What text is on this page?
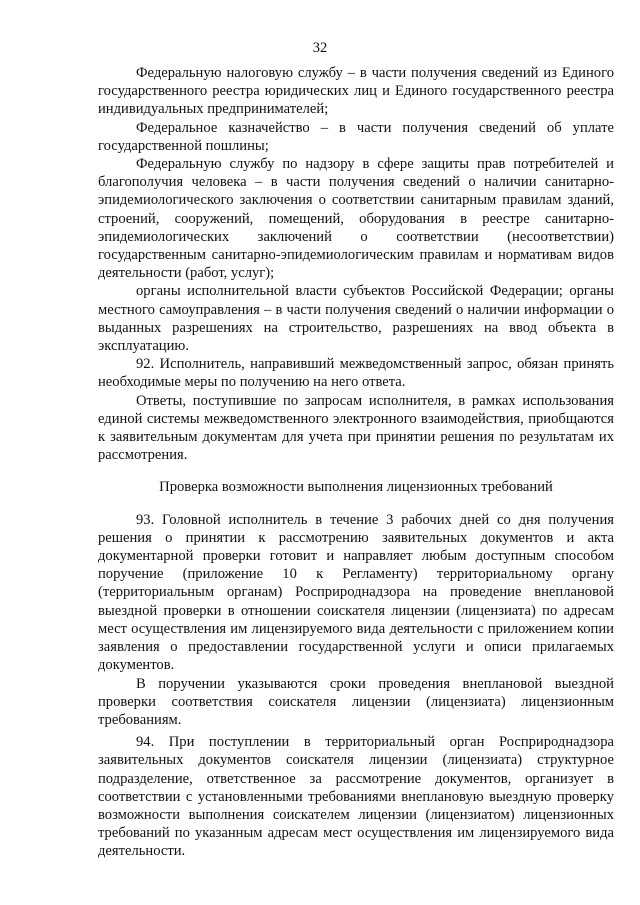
32

Федеральную налоговую службу – в части получения сведений из Единого государственного реестра юридических лиц и Единого государственного реестра индивидуальных предпринимателей;

Федеральное казначейство – в части получения сведений об уплате государственной пошлины;

Федеральную службу по надзору в сфере защиты прав потребителей и благополучия человека – в части получения сведений о наличии санитарно-эпидемиологического заключения о соответствии санитарным правилам зданий, строений, сооружений, помещений, оборудования в реестре санитарно-эпидемиологических заключений о соответствии (несоответствии) государственным санитарно-эпидемиологическим правилам и нормативам видов деятельности (работ, услуг);

органы исполнительной власти субъектов Российской Федерации; органы местного самоуправления – в части получения сведений о наличии информации о выданных разрешениях на строительство, разрешениях на ввод объекта в эксплуатацию.

92. Исполнитель, направивший межведомственный запрос, обязан принять необходимые меры по получению на него ответа.

Ответы, поступившие по запросам исполнителя, в рамках использования единой системы межведомственного электронного взаимодействия, приобщаются к заявительным документам для учета при принятии решения по результатам их рассмотрения.

Проверка возможности выполнения лицензионных требований

93. Головной исполнитель в течение 3 рабочих дней со дня получения решения о принятии к рассмотрению заявительных документов и акта документарной проверки готовит и направляет любым доступным способом поручение (приложение 10 к Регламенту) территориальному органу (территориальным органам) Росприроднадзора на проведение внеплановой выездной проверки в отношении соискателя лицензии (лицензиата) по адресам мест осуществления им лицензируемого вида деятельности с приложением копии заявления о предоставлении государственной услуги и описи прилагаемых документов.

В поручении указываются сроки проведения внеплановой выездной проверки соответствия соискателя лицензии (лицензиата) лицензионным требованиям.

94. При поступлении в территориальный орган Росприроднадзора заявительных документов соискателя лицензии (лицензиата) структурное подразделение, ответственное за рассмотрение документов, организует в соответствии с установленными требованиями внеплановую выездную проверку возможности выполнения соискателем лицензии (лицензиатом) лицензионных требований по указанным адресам мест осуществления им лицензируемого вида деятельности.
